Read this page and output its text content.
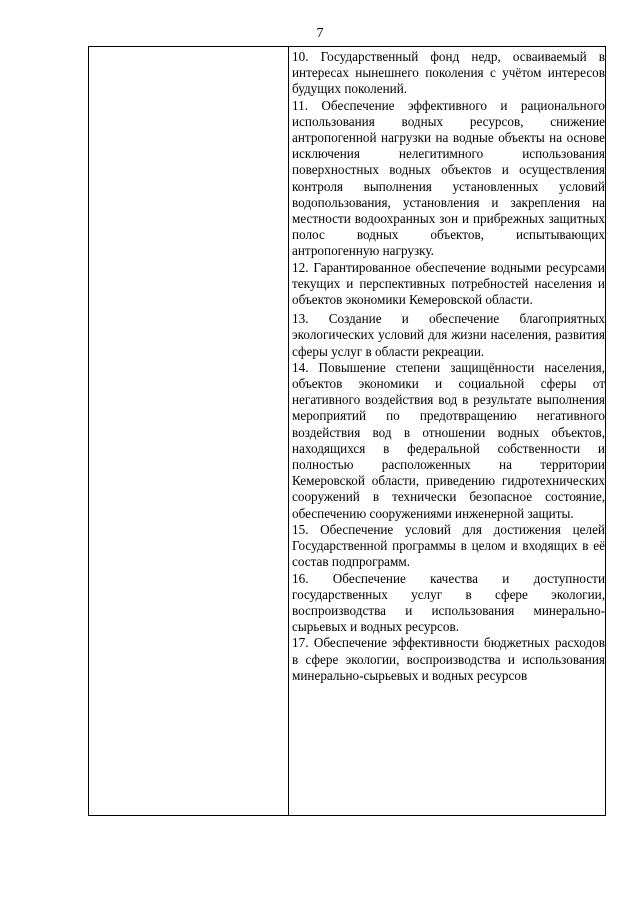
7

10. Государственный фонд недр, осваиваемый в интересах нынешнего поколения с учётом интересов будущих поколений.

11. Обеспечение эффективного и рационального использования водных ресурсов, снижение антропогенной нагрузки на водные объекты на основе исключения нелегитимного использования поверхностных водных объектов и осуществления контроля выполнения установленных условий водопользования, установления и закрепления на местности водоохранных зон и прибрежных защитных полос водных объектов, испытывающих антропогенную нагрузку.

12. Гарантированное обеспечение водными ресурсами текущих и перспективных потребностей населения и объектов экономики Кемеровской области.

13. Создание и обеспечение благоприятных экологических условий для жизни населения, развития сферы услуг в области рекреации.

14. Повышение степени защищённости населения, объектов экономики и социальной сферы от негативного воздействия вод в результате выполнения мероприятий по предотвращению негативного воздействия вод в отношении водных объектов, находящихся в федеральной собственности и полностью расположенных на территории Кемеровской области, приведению гидротехнических сооружений в технически безопасное состояние, обеспечению сооружениями инженерной защиты.

15. Обеспечение условий для достижения целей Государственной программы в целом и входящих в её состав подпрограмм.

16. Обеспечение качества и доступности государственных услуг в сфере экологии, воспроизводства и использования минерально-сырьевых и водных ресурсов.

17. Обеспечение эффективности бюджетных расходов в сфере экологии, воспроизводства и использования минерально-сырьевых и водных ресурсов
